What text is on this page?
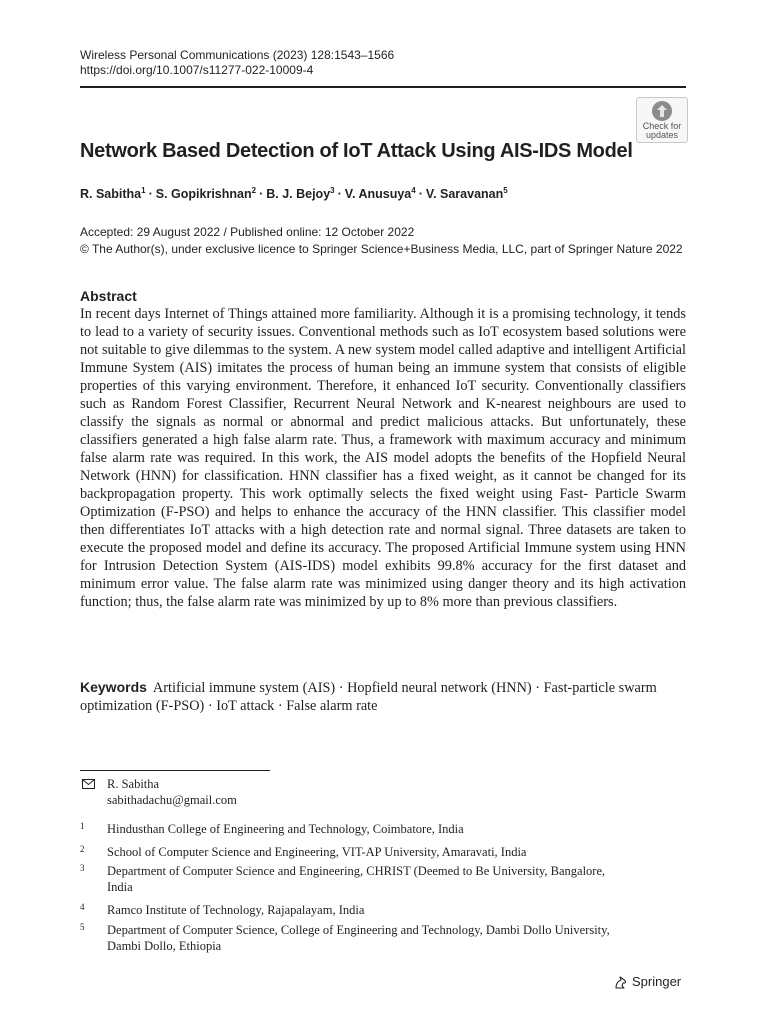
Wireless Personal Communications (2023) 128:1543–1566
https://doi.org/10.1007/s11277-022-10009-4
Check for
updates
Network Based Detection of IoT Attack Using AIS-IDS Model
R. Sabitha$^1$ · S. Gopikrishnan$^2$ · B. J. Bejoy$^3$ · V. Anusuya$^4$ · V. Saravanan$^5$
Accepted: 29 August 2022 / Published online: 12 October 2022
© The Author(s), under exclusive licence to Springer Science+Business Media, LLC, part of Springer Nature 2022
Abstract

In recent days Internet of Things attained more familiarity. Although it is a promising technology, it tends to lead to a variety of security issues. Conventional methods such as IoT ecosystem based solutions were not suitable to give dilemmas to the system. A new system model called adaptive and intelligent Artificial Immune System (AIS) imitates the process of human being an immune system that consists of eligible properties of this varying environment. Therefore, it enhanced IoT security. Conventionally classifiers such as Random Forest Classifier, Recurrent Neural Network and K-nearest neighbours are used to classify the signals as normal or abnormal and predict malicious attacks. But unfortunately, these classifiers generated a high false alarm rate. Thus, a framework with maximum accuracy and minimum false alarm rate was required. In this work, the AIS model adopts the benefits of the Hopfield Neural Network (HNN) for classification. HNN classifier has a fixed weight, as it cannot be changed for its backpropagation property. This work optimally selects the fixed weight using Fast- Particle Swarm Optimization (F-PSO) and helps to enhance the accuracy of the HNN classifier. This classifier model then differentiates IoT attacks with a high detection rate and normal signal. Three datasets are taken to execute the proposed model and define its accuracy. The proposed Artificial Immune system using HNN for Intrusion Detection System (AIS-IDS) model exhibits 99.8% accuracy for the first dataset and minimum error value. The false alarm rate was minimized using danger theory and its high activation function; thus, the false alarm rate was minimized by up to 8% more than previous classifiers.

Keywords Artificial immune system (AIS) · Hopfield neural network (HNN) · Fast-particle swarm optimization (F-PSO) · IoT attack · False alarm rate

R. Sabitha
sabithadachu@gmail.com
1 Hindusthan College of Engineering and Technology, Coimbatore, India
2 School of Computer Science and Engineering, VIT-AP University, Amaravati, India
3 Department of Computer Science and Engineering, CHRIST (Deemed to Be University, Bangalore, India
4 Ramco Institute of Technology, Rajapalayam, India
5 Department of Computer Science, College of Engineering and Technology, Dambi Dollo University, Dambi Dollo, Ethiopia
Springer
